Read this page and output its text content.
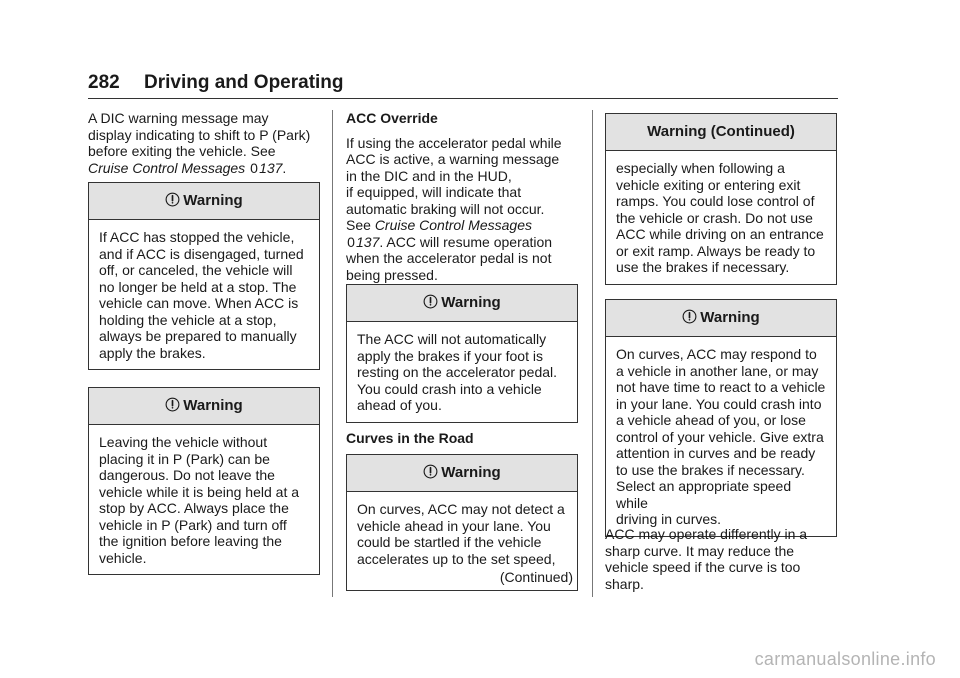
282 Driving and Operating

A DIC warning message may
display indicating to shift to P (Park)
before exiting the vehicle. See
Cruise Control Messages 0137.

Warning

If ACC has stopped the vehicle,
and if ACC is disengaged, turned
off, or canceled, the vehicle will
no longer be held at a stop. The
vehicle can move. When ACC is
holding the vehicle at a stop,
always be prepared to manually
apply the brakes.

Warning

Leaving the vehicle without
placing it in P (Park) can be
dangerous. Do not leave the
vehicle while it is being held at a
stop by ACC. Always place the
vehicle in P (Park) and turn off
the ignition before leaving the
vehicle.

ACC Override

If using the accelerator pedal while
ACC is active, a warning message
in the DIC and in the HUD,
if equipped, will indicate that
automatic braking will not occur.
See Cruise Control Messages
0137. ACC will resume operation
when the accelerator pedal is not
being pressed.

Warning

The ACC will not automatically
apply the brakes if your foot is
resting on the accelerator pedal.
You could crash into a vehicle
ahead of you.

Curves in the Road

Warning

On curves, ACC may not detect a
vehicle ahead in your lane. You
could be startled if the vehicle
accelerates up to the set speed,

(Continued)

Warning (Continued)

especially when following a
vehicle exiting or entering exit
ramps. You could lose control of
the vehicle or crash. Do not use
ACC while driving on an entrance
or exit ramp. Always be ready to
use the brakes if necessary.

Warning

On curves, ACC may respond to
a vehicle in another lane, or may
not have time to react to a vehicle
in your lane. You could crash into
a vehicle ahead of you, or lose
control of your vehicle. Give extra
attention in curves and be ready
to use the brakes if necessary.
Select an appropriate speed while
driving in curves.

ACC may operate differently in a
sharp curve. It may reduce the
vehicle speed if the curve is too
sharp.

carmanualsonline.info
